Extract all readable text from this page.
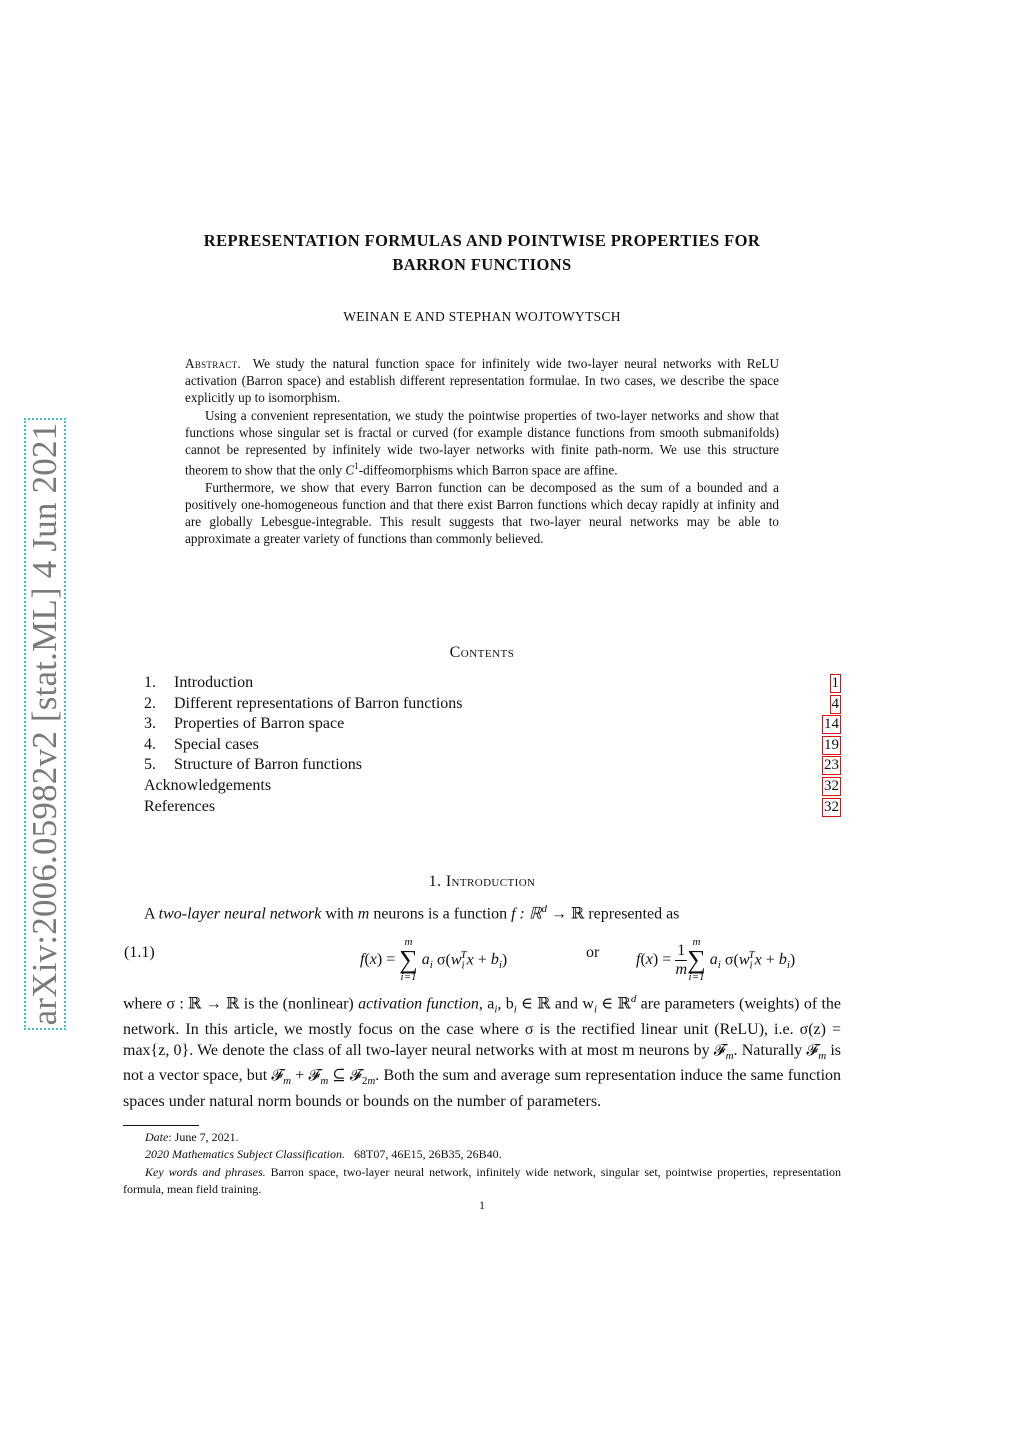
arXiv:2006.05982v2 [stat.ML] 4 Jun 2021
REPRESENTATION FORMULAS AND POINTWISE PROPERTIES FOR
BARRON FUNCTIONS
WEINAN E AND STEPHAN WOJTOWYTSCH

Abstract. We study the natural function space for infinitely wide two-layer neural networks with ReLU activation (Barron space) and establish different representation formulae. In two cases, we describe the space explicitly up to isomorphism.

Using a convenient representation, we study the pointwise properties of two-layer networks and show that functions whose singular set is fractal or curved (for example distance functions from smooth submanifolds) cannot be represented by infinitely wide two-layer networks with finite path-norm. We use this structure theorem to show that the only $C^1$-diffeomorphisms which Barron space are affine.

Furthermore, we show that every Barron function can be decomposed as the sum of a bounded and a positively one-homogeneous function and that there exist Barron functions which decay rapidly at infinity and are globally Lebesgue-integrable. This result suggests that two-layer neural networks may be able to approximate a greater variety of functions than commonly believed.

Contents
1. Introduction	1
2. Different representations of Barron functions	4
3. Properties of Barron space	14
4. Special cases	19
5. Structure of Barron functions	23
Acknowledgements	32
References	32
1. Introduction
A two-layer neural network with m neurons is a function f : ℝ$^d$ → ℝ represented as
(1.1)	f(x) =
m
∑
i=1
$a_i$ $\sigma(w_i^Tx + b_i)$	or $f(x) = \frac{1}{m}$ m
∑
i=1
$a_i$ $\sigma(w_i^Tx + b_i)$

where σ : ℝ → ℝ is the (nonlinear) activation function, $a_i$, $b_i$ ∈ ℝ and $w_i$ ∈ ℝ$^d$ are parameters (weights) of the network. In this article, we mostly focus on the case where σ is the rectified linear unit (ReLU), i.e. σ(z) = max{z, 0}. We denote the class of all two-layer neural networks with at most m neurons by 𝓕$_m$. Naturally 𝓕$_m$ is not a vector space, but 𝓕$_m$ + 𝓕$_m$ ⊆ 𝓕$_{2m}$. Both the sum and average sum representation induce the same function spaces under natural norm bounds or bounds on the number of parameters.

Date: June 7, 2021.

2020 Mathematics Subject Classification. 68T07, 46E15, 26B35, 26B40.

Key words and phrases. Barron space, two-layer neural network, infinitely wide network, singular set, pointwise properties, representation formula, mean field training.

1
